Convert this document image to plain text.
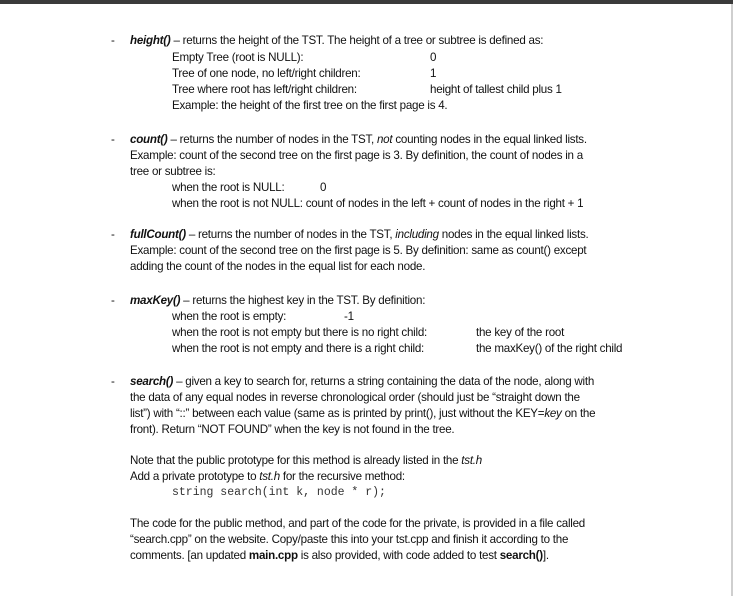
- height() – returns the height of the TST. The height of a tree or subtree is defined as:
Empty Tree (root is NULL):	0
Tree of one node, no left/right children:	1
Tree where root has left/right children:	height of tallest child plus 1
Example: the height of the first tree on the first page is 4.
- count() – returns the number of nodes in the TST, not counting nodes in the equal linked lists.
Example: count of the second tree on the first page is 3. By definition, the count of nodes in a
tree or subtree is:
when the root is NULL:	0
when the root is not NULL: count of nodes in the left + count of nodes in the right + 1
- fullCount() – returns the number of nodes in the TST, including nodes in the equal linked lists.
Example: count of the second tree on the first page is 5. By definition: same as count() except
adding the count of the nodes in the equal list for each node.
- maxKey() – returns the highest key in the TST. By definition:
when the root is empty:	-1
when the root is not empty but there is no right child:	the key of the root
when the root is not empty and there is a right child:	the maxKey() of the right child
- search() – given a key to search for, returns a string containing the data of the node, along with
the data of any equal nodes in reverse chronological order (should just be “straight down the
list”) with “::” between each value (same as is printed by print(), just without the KEY=key on the
front). Return “NOT FOUND” when the key is not found in the tree.
Note that the public prototype for this method is already listed in the tst.h
Add a private prototype to tst.h for the recursive method:
string search(int k, node * r);
The code for the public method, and part of the code for the private, is provided in a file called
“search.cpp” on the website. Copy/paste this into your tst.cpp and finish it according to the
comments. [an updated main.cpp is also provided, with code added to test search()].
